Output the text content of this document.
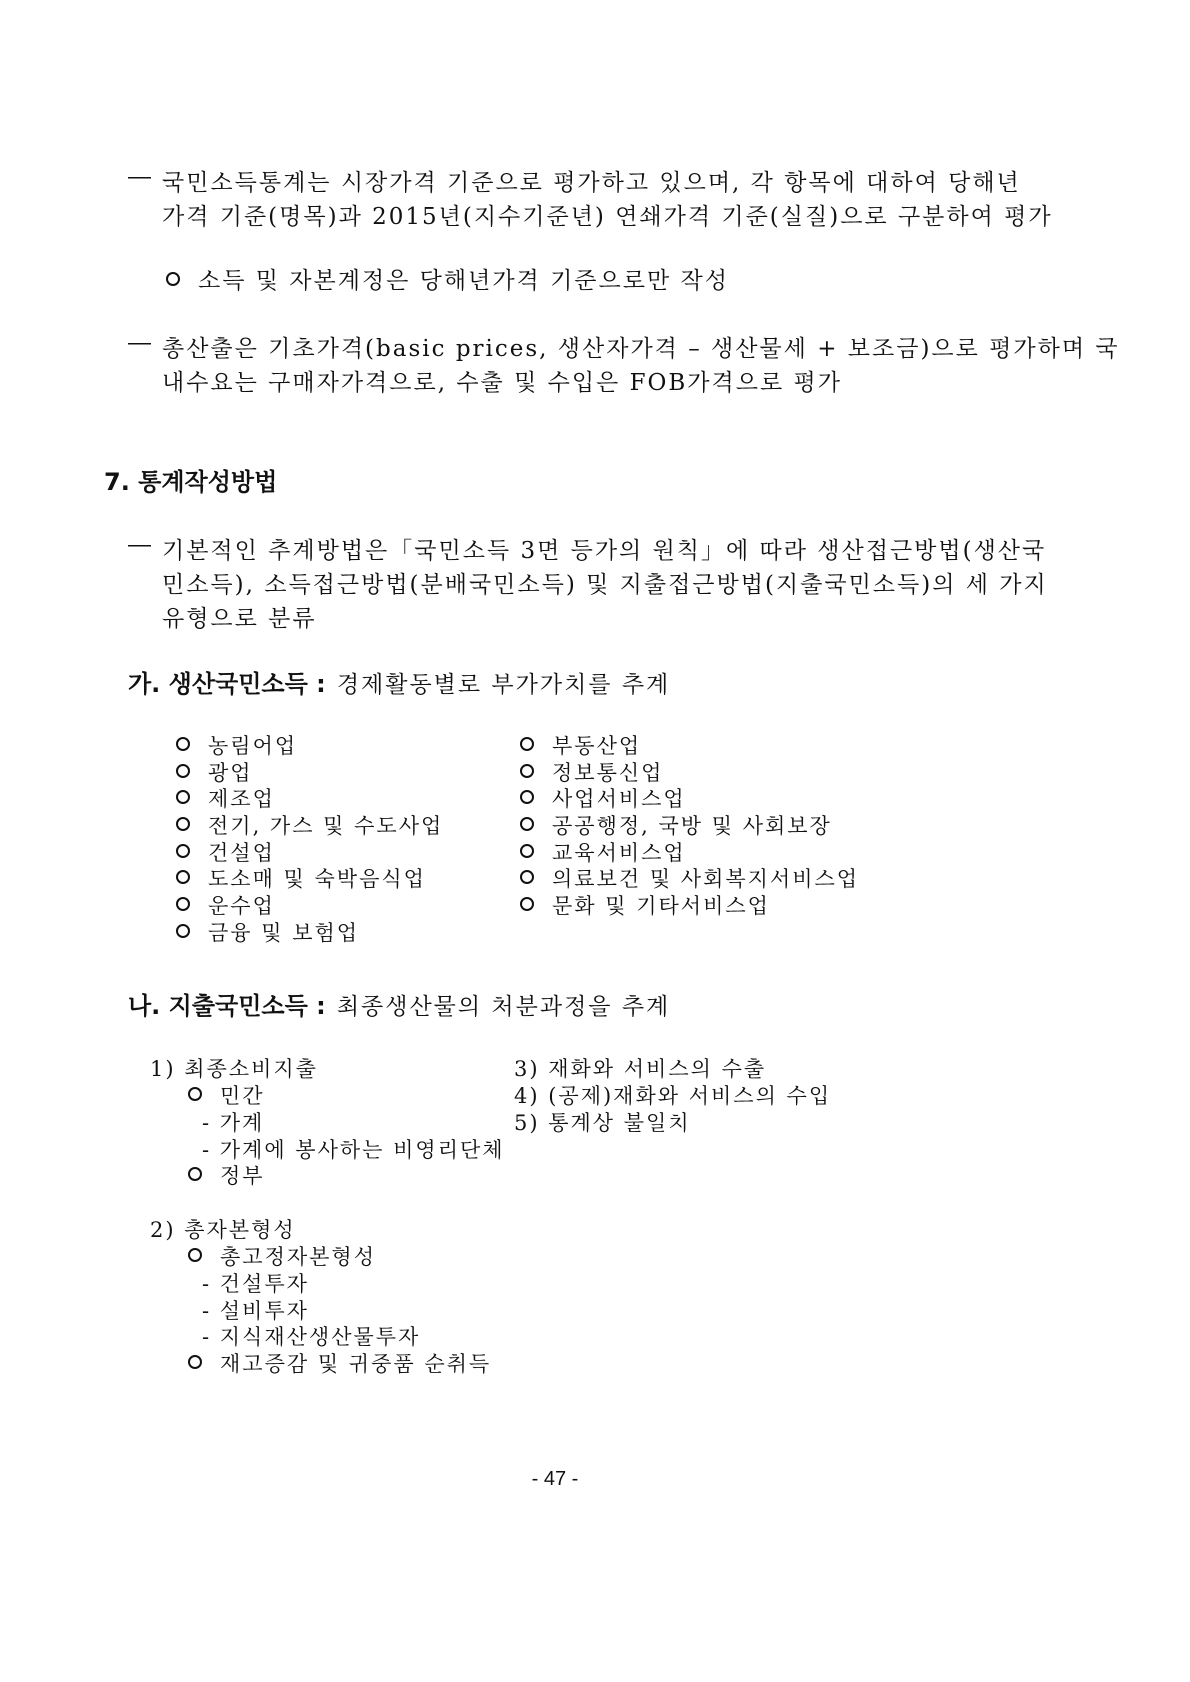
― 국민소득통계는 시장가격 기준으로 평가하고 있으며, 각 항목에 대하여 당해년
가격 기준(명목)과 2015년(지수기준년) 연쇄가격 기준(실질)으로 구분하여 평가
소득 및 자본계정은 당해년가격 기준으로만 작성
― 총산출은 기초가격(basic prices, 생산자가격 – 생산물세 + 보조금)으로 평가하며 국
내수요는 구매자가격으로, 수출 및 수입은 FOB가격으로 평가
7. 통계작성방법
― 기본적인 추계방법은「국민소득 3면 등가의 원칙」에 따라 생산접근방법(생산국
민소득), 소득접근방법(분배국민소득) 및 지출접근방법(지출국민소득)의 세 가지
유형으로 분류
가. 생산국민소득 : 경제활동별로 부가가치를 추계
농림어업
광업
제조업
전기, 가스 및 수도사업
건설업
도소매 및 숙박음식업
운수업
금융 및 보험업
부동산업
정보통신업
사업서비스업
공공행정, 국방 및 사회보장
교육서비스업
의료보건 및 사회복지서비스업
문화 및 기타서비스업
나. 지출국민소득 : 최종생산물의 처분과정을 추계
1) 최종소비지출
민간
- 가계
- 가계에 봉사하는 비영리단체
정부
2) 총자본형성
총고정자본형성
- 건설투자
- 설비투자
- 지식재산생산물투자
재고증감 및 귀중품 순취득
3) 재화와 서비스의 수출
4) (공제)재화와 서비스의 수입
5) 통계상 불일치
- 47 -
